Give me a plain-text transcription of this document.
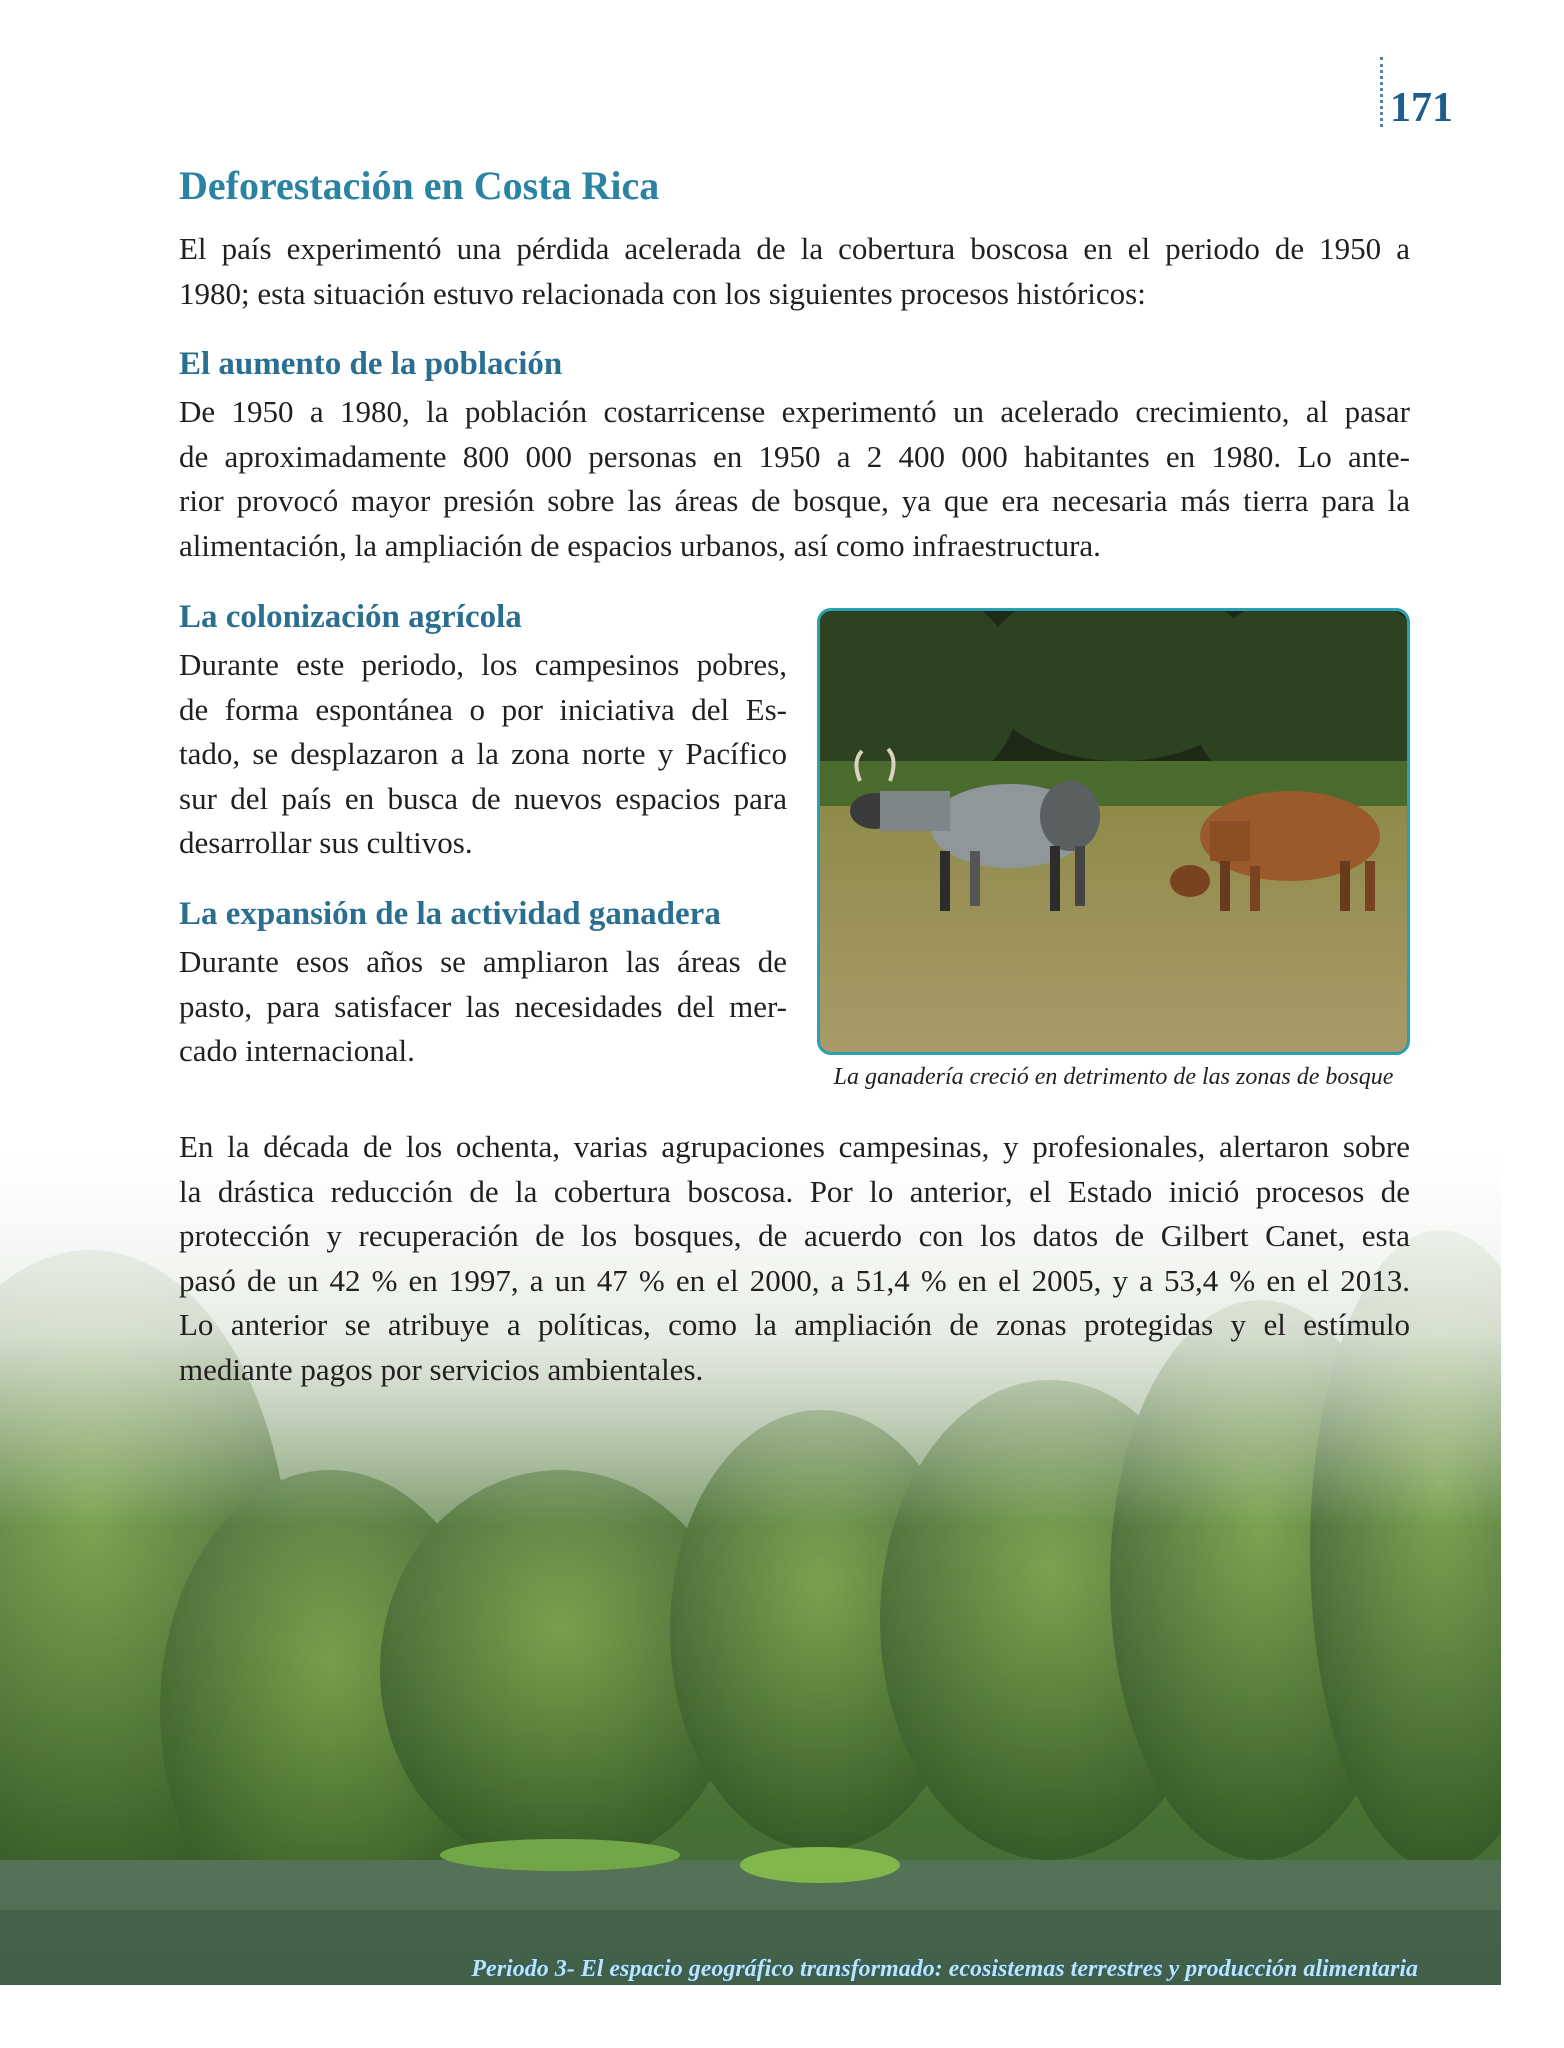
171
Deforestación en Costa Rica
El país experimentó una pérdida acelerada de la cobertura boscosa en el periodo de 1950 a
1980; esta situación estuvo relacionada con los siguientes procesos históricos:
El aumento de la población
De 1950 a 1980, la población costarricense experimentó un acelerado crecimiento, al pasar
de aproximadamente 800 000 personas en 1950 a 2 400 000 habitantes en 1980. Lo ante-
rior provocó mayor presión sobre las áreas de bosque, ya que era necesaria más tierra para la
alimentación, la ampliación de espacios urbanos, así como infraestructura.
La colonización agrícola
Durante este periodo, los campesinos pobres,
de forma espontánea o por iniciativa del Es-
tado, se desplazaron a la zona norte y Pacífico
sur del país en busca de nuevos espacios para
desarrollar sus cultivos.
La expansión de la actividad ganadera
Durante esos años se ampliaron las áreas de
pasto, para satisfacer las necesidades del mer-
cado internacional.
La ganadería creció en detrimento de las zonas de bosque
En la década de los ochenta, varias agrupaciones campesinas, y profesionales, alertaron sobre
la drástica reducción de la cobertura boscosa. Por lo anterior, el Estado inició procesos de
protección y recuperación de los bosques, de acuerdo con los datos de Gilbert Canet, esta
pasó de un 42 % en 1997, a un 47 % en el 2000, a 51,4 % en el 2005, y a 53,4 % en el 2013.
Lo anterior se atribuye a políticas, como la ampliación de zonas protegidas y el estímulo
mediante pagos por servicios ambientales.
Periodo 3- El espacio geográfico transformado: ecosistemas terrestres y producción alimentaria
